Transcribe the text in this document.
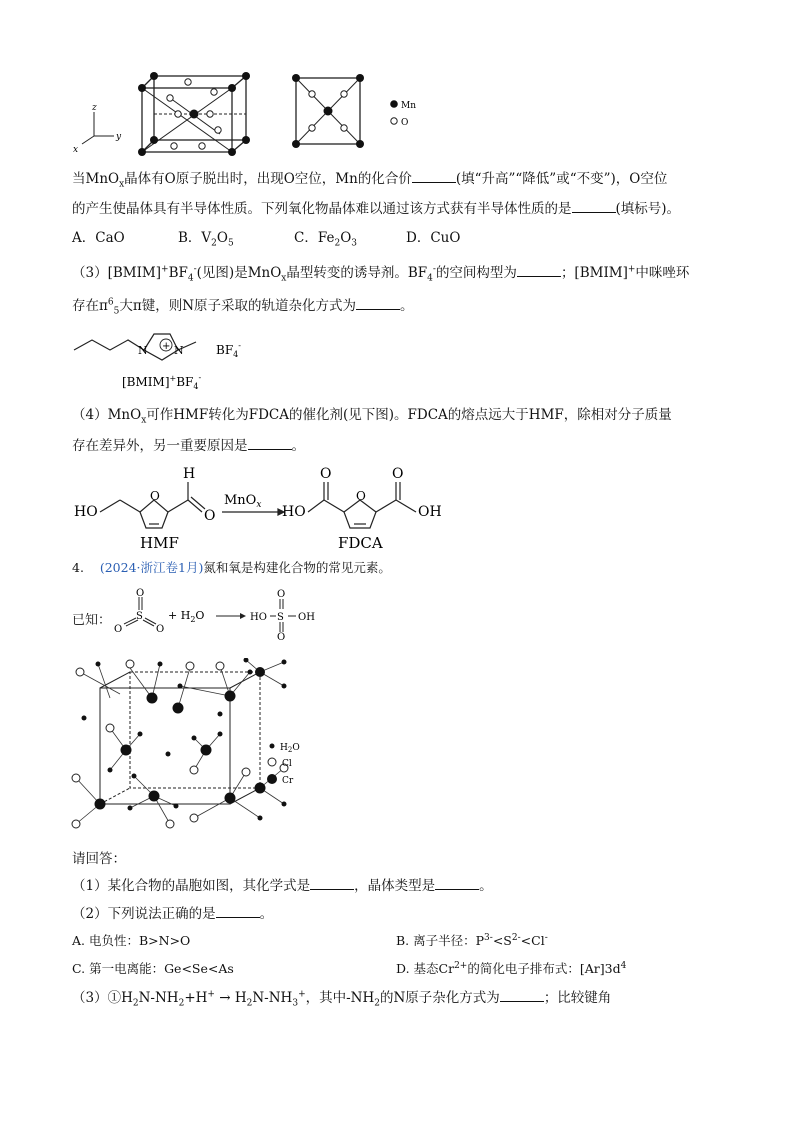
z
y
x
Mn
O
当MnO$_x$晶体有O原子脱出时，出现O空位，Mn的化合价	(填“升高”“降低”或“不变”)，O空位
的产生使晶体具有半导体性质。下列氧化物晶体难以通过该方式获有半导体性质的是	(填标号)。
A．CaO	B．$V_2O_5$	C．$Fe_2O_3$	D．CuO
$(3)[BMIM]^+BF_4^-$(见图)是MnO$_x$晶型转变的诱导剂。$BF_4^-$的空间构型为	；[BMIM]+中咪唑环
存在$\pi^6_5$大π键，则N原子采取的轨道杂化方式为	。
N N
+	$BF_4^-$
$[BMIM]^+BF_4^-$
（4）MnO$_x$可作HMF转化为FDCA的催化剂(见下图)。FDCA的熔点远大于HMF，除相对分子质量
存在差异外，另一重要原因是	。
HO
O
H
O
HMF
MnO$_x$ HO
O
O
O
OH
FDCA
4. (2024·浙江卷1月)氮和氧是构建化合物的常见元素。
已知：
O
S
O	O
+ $H_2O$	HO S OH
O
O
$H_2O$
Cl
Cr
请回答：
（1）某化合物的晶胞如图，其化学式是	，晶体类型是	。
（2）下列说法正确的是	。
A. 电负性：B>N>O	B. 离子半径：$P^{3-}<S^{2-}<Cl^-$
C. 第一电离能：Ge<Se<As	D. 基态$Cr^{2+}$的简化电子排布式：$[Ar]3d^4$
$(3)①H_2N-NH_2+H^+ \to H_2N-NH_3^+$，其中$-NH_2$的N原子杂化方式为	；比较键角
